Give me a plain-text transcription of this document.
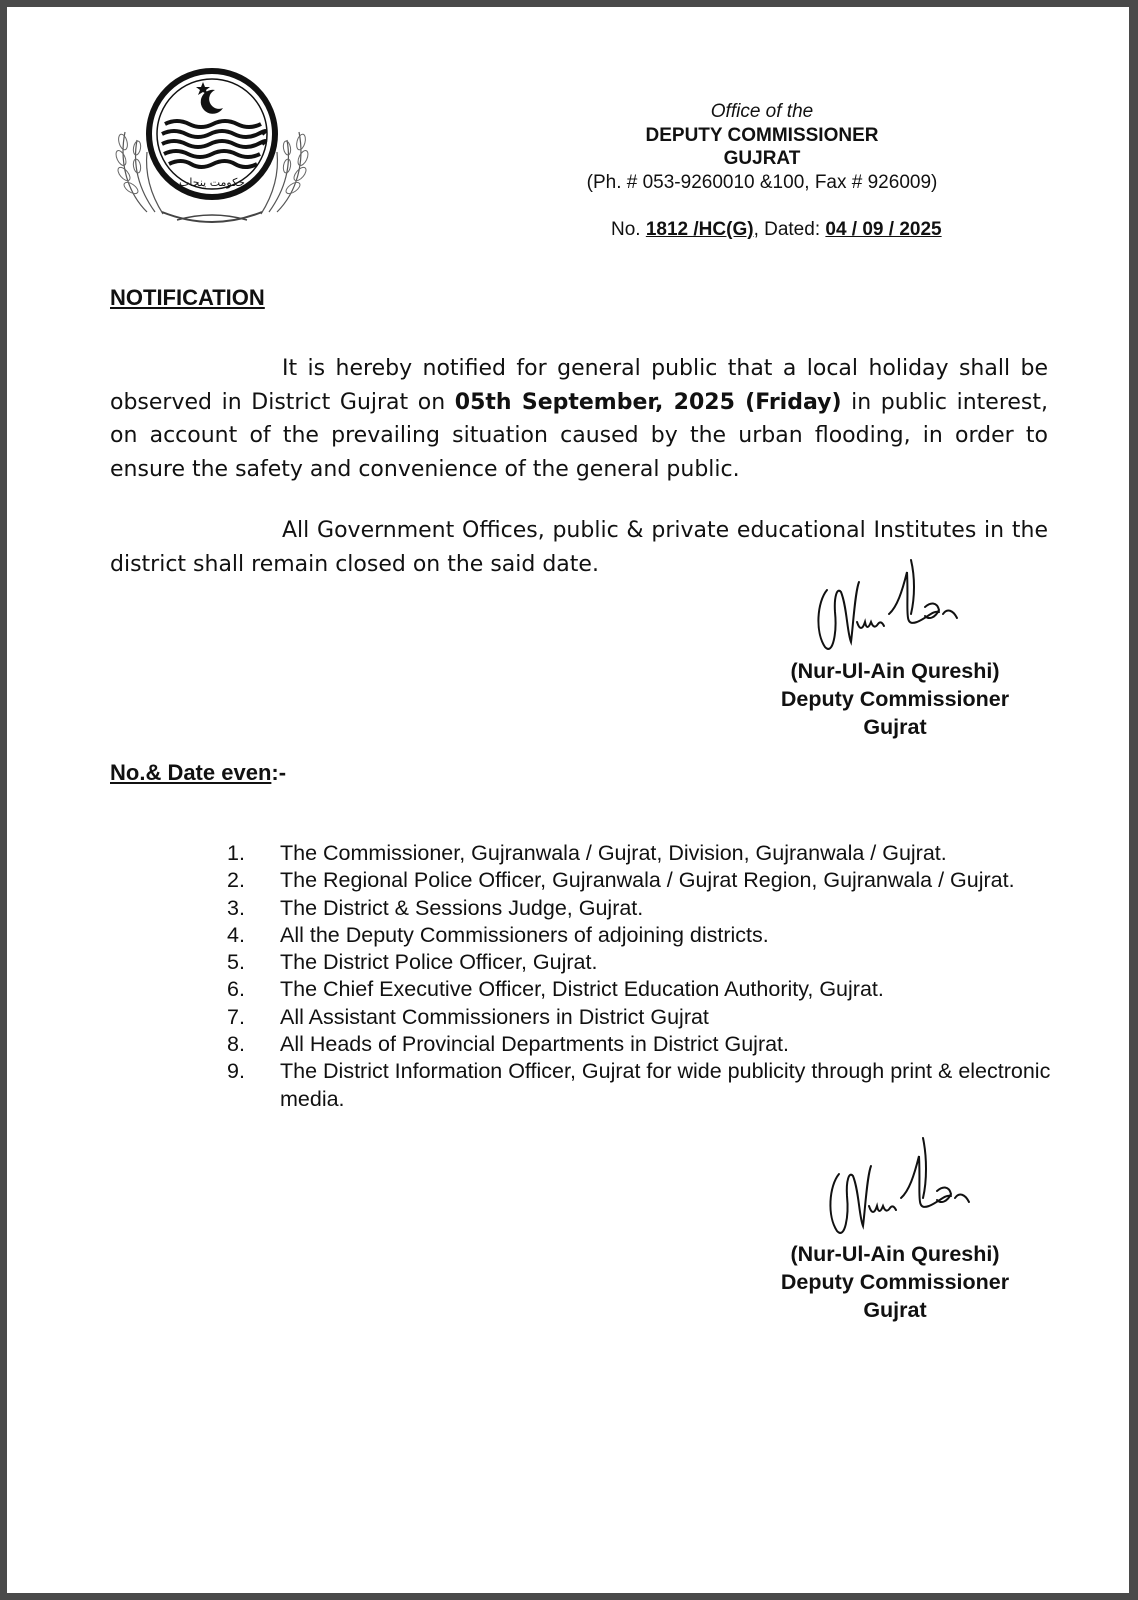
حکومت پنجاب
Office of the
DEPUTY COMMISSIONER
GUJRAT
(Ph. # 053-9260010 &100, Fax # 926009)
No. 1812 /HC(G), Dated: 04 / 09 / 2025
NOTIFICATION
It is hereby notified for general public that a local holiday shall be observed in District Gujrat on 05th September, 2025 (Friday) in public interest, on account of the prevailing situation caused by the urban flooding, in order to ensure the safety and convenience of the general public.
All Government Offices, public & private educational Institutes in the district shall remain closed on the said date.
(Nur-Ul-Ain Qureshi)
Deputy Commissioner
Gujrat
No.& Date even:-
1.	The Commissioner, Gujranwala / Gujrat, Division, Gujranwala / Gujrat.
2.	The Regional Police Officer, Gujranwala / Gujrat Region, Gujranwala / Gujrat.
3.	The District & Sessions Judge, Gujrat.
4.	All the Deputy Commissioners of adjoining districts.
5.	The District Police Officer, Gujrat.
6.	The Chief Executive Officer, District Education Authority, Gujrat.
7.	All Assistant Commissioners in District Gujrat
8.	All Heads of Provincial Departments in District Gujrat.
9.	The District Information Officer, Gujrat for wide publicity through print & electronic media.
(Nur-Ul-Ain Qureshi)
Deputy Commissioner
Gujrat
